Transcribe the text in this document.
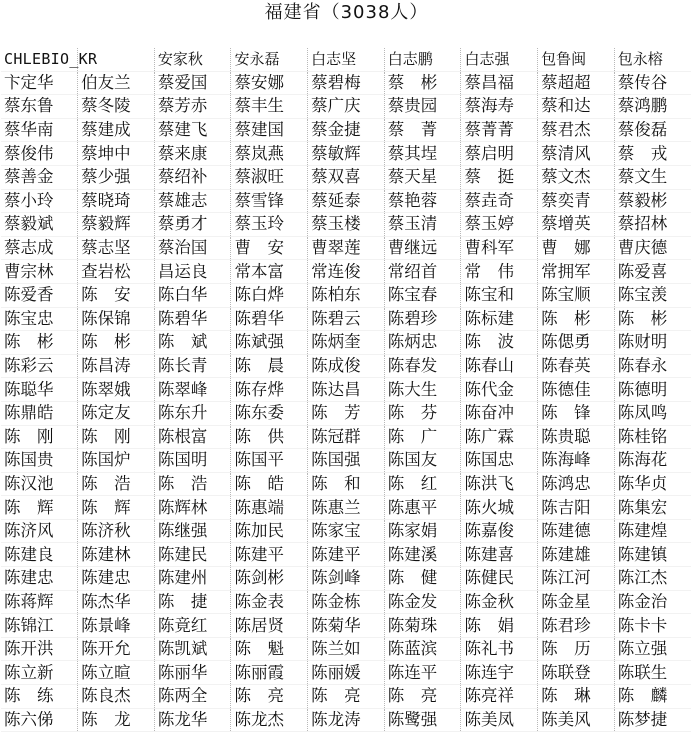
福建省（3038人）
CHLEBIO_KR		安家秋	安永磊	白志坚	白志鹏	白志强	包鲁闽	包永榕
卞定华	伯友兰	蔡爱国	蔡安娜	蔡碧梅	蔡　彬	蔡昌福	蔡超超	蔡传谷
蔡东鲁	蔡冬陵	蔡芳赤	蔡丰生	蔡广庆	蔡贵园	蔡海寿	蔡和达	蔡鸿鹏
蔡华南	蔡建成	蔡建飞	蔡建国	蔡金捷	蔡　菁	蔡菁菁	蔡君杰	蔡俊磊
蔡俊伟	蔡坤中	蔡来康	蔡岚燕	蔡敏辉	蔡其埕	蔡启明	蔡清风	蔡　戎
蔡善金	蔡少强	蔡绍补	蔡淑旺	蔡双喜	蔡天星	蔡　挺	蔡文杰	蔡文生
蔡小玲	蔡晓琦	蔡雄志	蔡雪锋	蔡延泰	蔡艳蓉	蔡垚奇	蔡奕青	蔡毅彬
蔡毅斌	蔡毅辉	蔡勇才	蔡玉玲	蔡玉楼	蔡玉清	蔡玉婷	蔡增英	蔡招林
蔡志成	蔡志坚	蔡治国	曹　安	曹翠莲	曹继远	曹科军	曹　娜	曹庆德
曹宗林	查岩松	昌运良	常本富	常连俊	常绍首	常　伟	常拥军	陈爱喜
陈爱香	陈　安	陈白华	陈白烨	陈柏东	陈宝春	陈宝和	陈宝顺	陈宝羡
陈宝忠	陈保锦	陈碧华	陈碧华	陈碧云	陈碧珍	陈标建	陈　彬	陈　彬
陈　彬	陈　彬	陈　斌	陈斌强	陈炳奎	陈炳忠	陈　波	陈偲勇	陈财明
陈彩云	陈昌涛	陈长青	陈　晨	陈成俊	陈春发	陈春山	陈春英	陈春永
陈聪华	陈翠娥	陈翠峰	陈存烨	陈达昌	陈大生	陈代金	陈德佳	陈德明
陈鼎皓	陈定友	陈东升	陈东委	陈　芳	陈　芬	陈奋冲	陈　锋	陈凤鸣
陈　刚	陈　刚	陈根富	陈　供	陈冠群	陈　广	陈广霖	陈贵聪	陈桂铭
陈国贵	陈国炉	陈国明	陈国平	陈国强	陈国友	陈国忠	陈海峰	陈海花
陈汉池	陈　浩	陈　浩	陈　皓	陈　和	陈　红	陈洪飞	陈鸿忠	陈华贞
陈　辉	陈　辉	陈辉林	陈惠端	陈惠兰	陈惠平	陈火城	陈吉阳	陈集宏
陈济风	陈济秋	陈继强	陈加民	陈家宝	陈家娟	陈嘉俊	陈建德	陈建煌
陈建良	陈建林	陈建民	陈建平	陈建平	陈建溪	陈建喜	陈建雄	陈建镇
陈建忠	陈建忠	陈建州	陈剑彬	陈剑峰	陈　健	陈健民	陈江河	陈江杰
陈蒋辉	陈杰华	陈　捷	陈金表	陈金栋	陈金发	陈金秋	陈金星	陈金治
陈锦江	陈景峰	陈竟红	陈居贤	陈菊华	陈菊珠	陈　娟	陈君珍	陈卡卡
陈开洪	陈开允	陈凯斌	陈　魁	陈兰如	陈蓝滨	陈礼书	陈　历	陈立强
陈立新	陈立暄	陈丽华	陈丽霞	陈丽媛	陈连平	陈连宇	陈联登	陈联生
陈　练	陈良杰	陈两全	陈　亮	陈　亮	陈　亮	陈亮祥	陈　琳	陈　麟
陈六俤	陈　龙	陈龙华	陈龙杰	陈龙涛	陈鹭强	陈美凤	陈美风	陈梦捷
